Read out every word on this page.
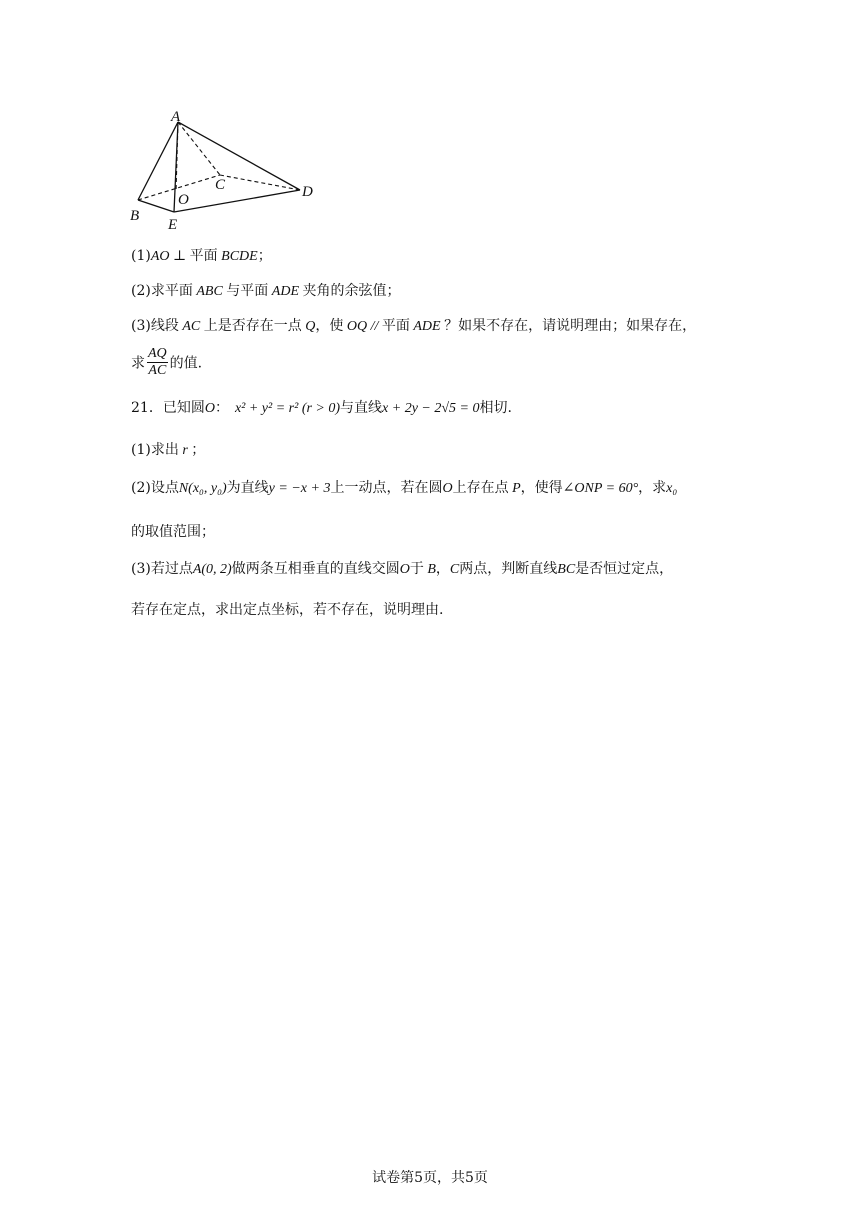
A
B
C	D
E
O
(1)AO ⊥ 平面 BCDE；
(2)求平面 ABC 与平面 ADE 夹角的余弦值；
(3)线段 AC 上是否存在一点 Q，使 OQ // 平面 ADE ？如果不存在，请说明理由；如果存在，
求 $\frac{AQ}{AC}$ 的值.
21．已知圆O： x² + y² = r² (r > 0)与直线x + 2y − 2√5 = 0相切.
(1)求出 r ；
(2)设点N(x₀, y₀)为直线y = −x + 3上一动点，若在圆O上存在点 P，使得∠ONP = 60°，求x₀
的取值范围；
(3)若过点A(0, 2)做两条互相垂直的直线交圆O于 B，C两点，判断直线BC是否恒过定点，
若存在定点，求出定点坐标，若不存在，说明理由.
试卷第5页，共5页
